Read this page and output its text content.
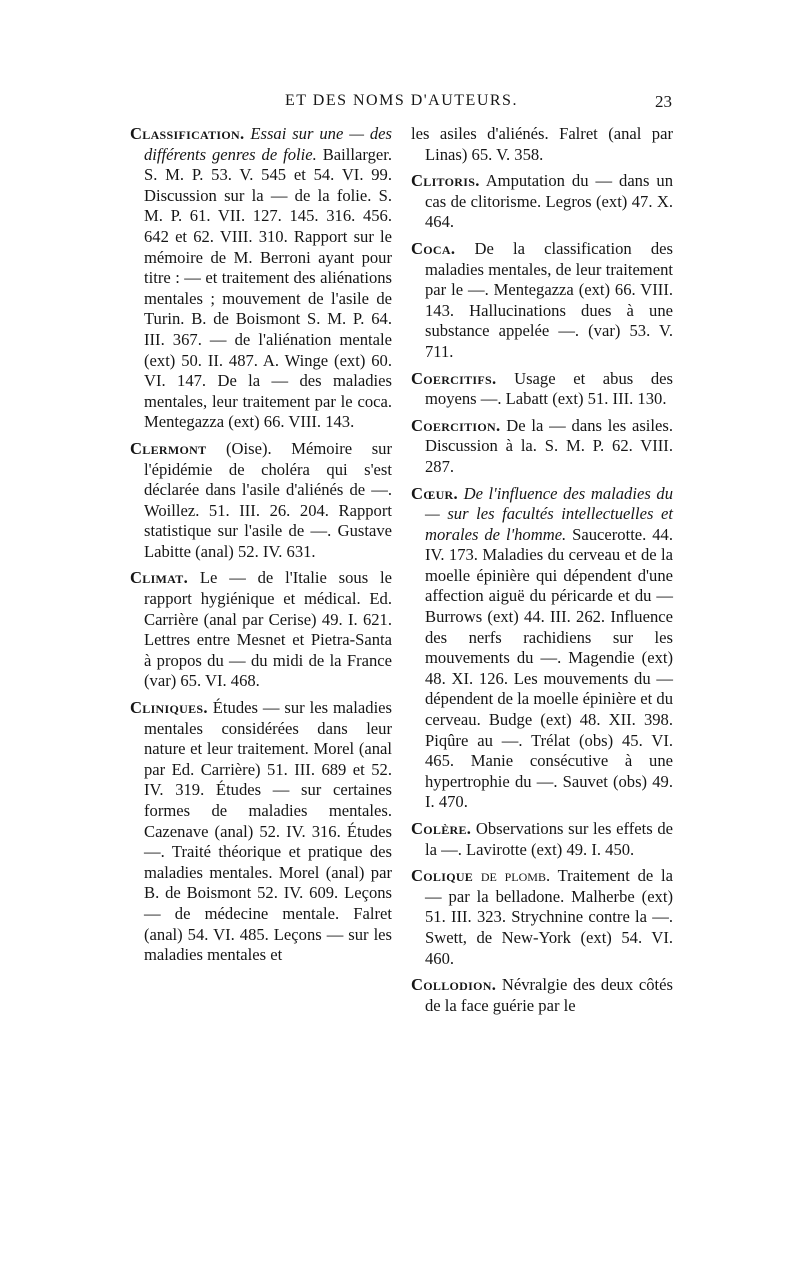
ET DES NOMS D'AUTEURS.	23

Classification. Essai sur une — des différents genres de folie. Baillarger. S. M. P. 53. V. 545 et 54. VI. 99. Discussion sur la — de la folie. S. M. P. 61. VII. 127. 145. 316. 456. 642 et 62. VIII. 310. Rapport sur le mémoire de M. Berroni ayant pour titre : — et traitement des aliénations mentales ; mouvement de l'asile de Turin. B. de Boismont S. M. P. 64. III. 367. — de l'aliénation mentale (ext) 50. II. 487. A. Winge (ext) 60. VI. 147. De la — des maladies mentales, leur traitement par le coca. Mentegazza (ext) 66. VIII. 143.

Clermont (Oise). Mémoire sur l'épidémie de choléra qui s'est déclarée dans l'asile d'aliénés de —. Woillez. 51. III. 26. 204. Rapport statistique sur l'asile de —. Gustave Labitte (anal) 52. IV. 631.

Climat. Le — de l'Italie sous le rapport hygiénique et médical. Ed. Carrière (anal par Cerise) 49. I. 621. Lettres entre Mesnet et Pietra-Santa à propos du — du midi de la France (var) 65. VI. 468.

Cliniques. Études — sur les maladies mentales considérées dans leur nature et leur traitement. Morel (anal par Ed. Carrière) 51. III. 689 et 52. IV. 319. Études — sur certaines formes de maladies mentales. Cazenave (anal) 52. IV. 316. Études —. Traité théorique et pratique des maladies mentales. Morel (anal) par B. de Boismont 52. IV. 609. Leçons — de médecine mentale. Falret (anal) 54. VI. 485. Leçons — sur les maladies mentales et

les asiles d'aliénés. Falret (anal par Linas) 65. V. 358.

Clitoris. Amputation du — dans un cas de clitorisme. Legros (ext) 47. X. 464.

Coca. De la classification des maladies mentales, de leur traitement par le —. Mentegazza (ext) 66. VIII. 143. Hallucinations dues à une substance appelée —. (var) 53. V. 711.

Coercitifs. Usage et abus des moyens —. Labatt (ext) 51. III. 130.

Coercition. De la — dans les asiles. Discussion à la. S. M. P. 62. VIII. 287.

Cœur. De l'influence des maladies du — sur les facultés intellectuelles et morales de l'homme. Saucerotte. 44. IV. 173. Maladies du cerveau et de la moelle épinière qui dépendent d'une affection aiguë du péricarde et du — Burrows (ext) 44. III. 262. Influence des nerfs rachidiens sur les mouvements du —. Magendie (ext) 48. XI. 126. Les mouvements du — dépendent de la moelle épinière et du cerveau. Budge (ext) 48. XII. 398. Piqûre au —. Trélat (obs) 45. VI. 465. Manie consécutive à une hypertrophie du —. Sauvet (obs) 49. I. 470.

Colère. Observations sur les effets de la —. Lavirotte (ext) 49. I. 450.

Colique de plomb. Traitement de la — par la belladone. Malherbe (ext) 51. III. 323. Strychnine contre la —. Swett, de New-York (ext) 54. VI. 460.

Collodion. Névralgie des deux côtés de la face guérie par le
